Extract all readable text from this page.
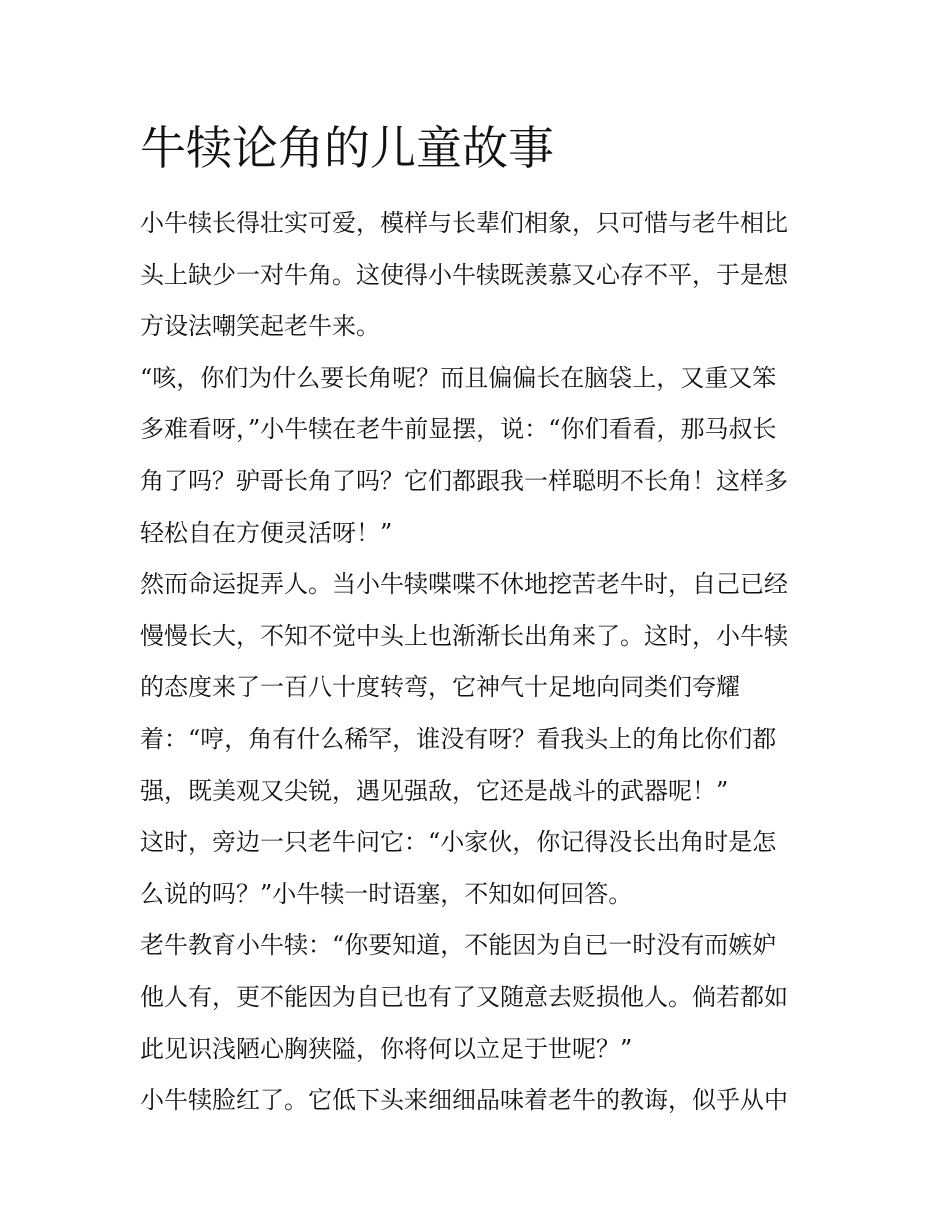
牛犊论角的儿童故事
小牛犊长得壮实可爱，模样与长辈们相象，只可惜与老牛相比
头上缺少一对牛角。这使得小牛犊既羡慕又心存不平，于是想
方设法嘲笑起老牛来。
“咳，你们为什么要长角呢？而且偏偏长在脑袋上，又重又笨
多难看呀，”小牛犊在老牛前显摆，说：“你们看看，那马叔长
角了吗？驴哥长角了吗？它们都跟我一样聪明不长角！这样多
轻松自在方便灵活呀！”
然而命运捉弄人。当小牛犊喋喋不休地挖苦老牛时，自己已经
慢慢长大，不知不觉中头上也渐渐长出角来了。这时，小牛犊
的态度来了一百八十度转弯，它神气十足地向同类们夸耀
着：“哼，角有什么稀罕，谁没有呀？看我头上的角比你们都
强，既美观又尖锐，遇见强敌，它还是战斗的武器呢！”
这时，旁边一只老牛问它：“小家伙，你记得没长出角时是怎
么说的吗？”小牛犊一时语塞，不知如何回答。
老牛教育小牛犊：“你要知道，不能因为自已一时没有而嫉妒
他人有，更不能因为自已也有了又随意去贬损他人。倘若都如
此见识浅陋心胸狭隘，你将何以立足于世呢？”
小牛犊脸红了。它低下头来细细品味着老牛的教诲，似乎从中
